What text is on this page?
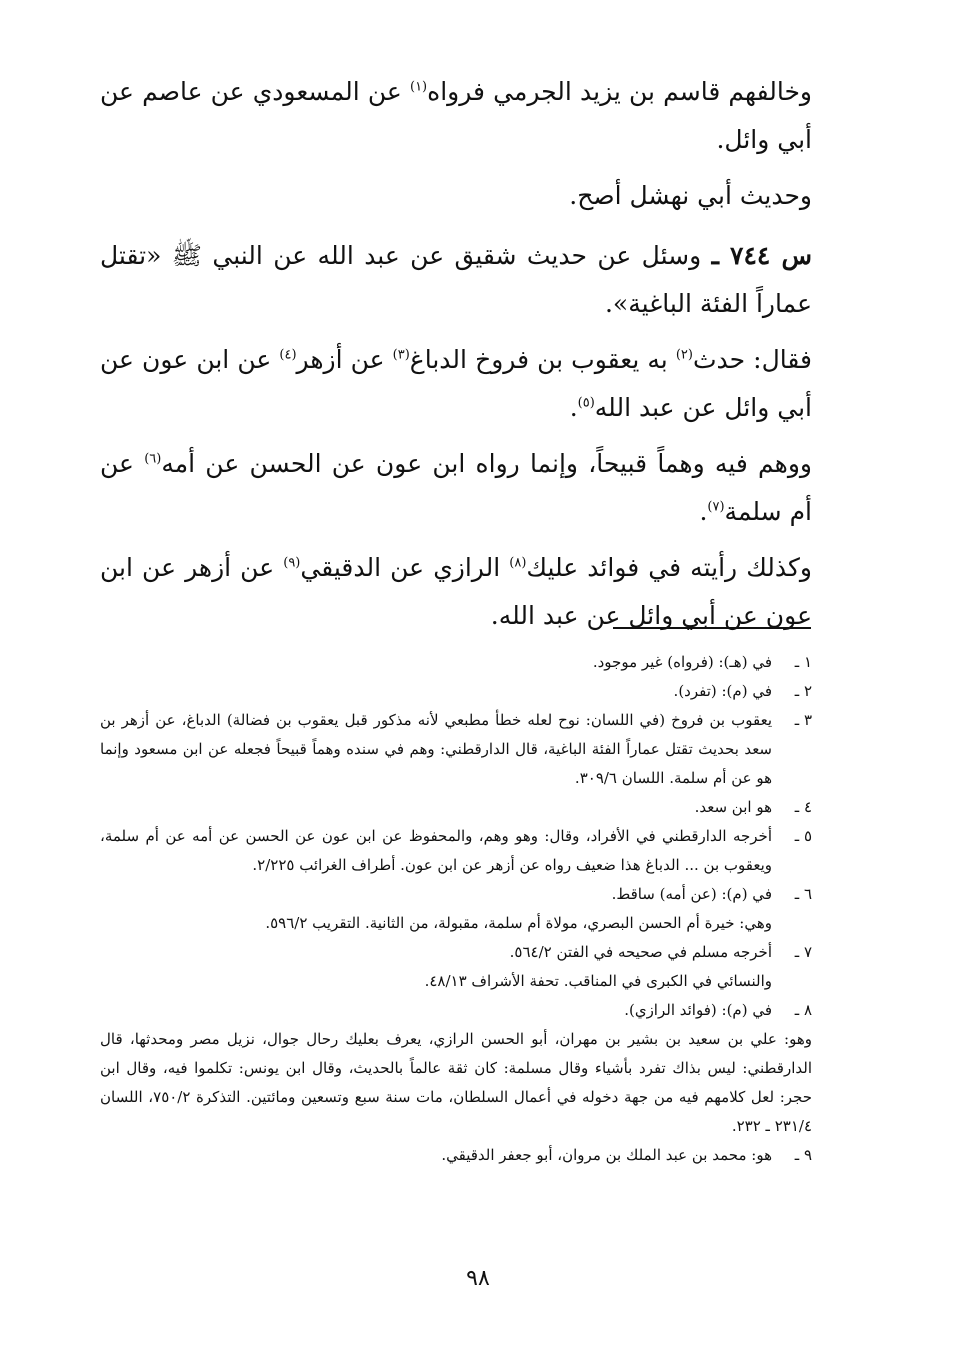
وخالفهم قاسم بن يزيد الجرمي فرواه$^{(١)}$ عن المسعودي عن عاصم عن أبي وائل.

وحديث أبي نهشل أصح.

س ٧٤٤ ـ وسئل عن حديث شقيق عن عبد الله عن النبي ﷺ «تقتل عماراً الفئة الباغية».

فقال: حدث$^{(٢)}$ به يعقوب بن فروخ الدباغ$^{(٣)}$ عن أزهر$^{(٤)}$ عن ابن عون عن أبي وائل عن عبد الله$^{(٥)}$.

ووهم فيه وهماً قبيحاً، وإنما رواه ابن عون عن الحسن عن أمه$^{(٦)}$ عن أم سلمة$^{(٧)}$.

وكذلك رأيته في فوائد عليك$^{(٨)}$ الرازي عن الدقيقي$^{(٩)}$ عن أزهر عن ابن عون عن أبي وائل عن عبد الله.

١ ـ
في (هـ): (فرواه) غير موجود.
٢ ـ
في (م): (تفرد).
٣ ـ
يعقوب بن فروخ (في اللسان: نوح لعله خطأ مطبعي لأنه مذكور قبل يعقوب بن فضالة) الدباغ، عن أزهر بن سعد بحديث تقتل عماراً الفئة الباغية، قال الدارقطني: وهم في سنده وهماً قبيحاً فجعله عن ابن مسعود وإنما هو عن أم سلمة. اللسان ٣٠٩/٦.
٤ ـ
هو ابن سعد.
٥ ـ
أخرجه الدارقطني في الأفراد، وقال: وهو وهم، والمحفوظ عن ابن عون عن الحسن عن أمه عن أم سلمة، ويعقوب بن ... الدباغ هذا ضعيف رواه عن أزهر عن ابن عون. أطراف الغرائب ٢/٢٢٥.
٦ ـ
في (م): (عن أمه) ساقط.
وهي: خيرة أم الحسن البصري، مولاة أم سلمة، مقبولة، من الثانية. التقريب ٥٩٦/٢.
٧ ـ
أخرجه مسلم في صحيحه في الفتن ٥٦٤/٢.
والنسائي في الكبرى في المناقب. تحفة الأشراف ٤٨/١٣.
٨ ـ
في (م): (فوائد الرازي).
وهو: علي بن سعيد بن بشير بن مهران، أبو الحسن الرازي، يعرف بعليك رحال جوال، نزيل مصر ومحدثها، قال الدارقطني: ليس بذاك تفرد بأشياء وقال مسلمة: كان ثقة عالماً بالحديث، وقال ابن يونس: تكلموا فيه، وقال ابن حجر: لعل كلامهم فيه من جهة دخوله في أعمال السلطان، مات سنة سبع وتسعين ومائتين. التذكرة ٧٥٠/٢، اللسان ٢٣١/٤ ـ ٢٣٢.
٩ ـ
هو: محمد بن عبد الملك بن مروان، أبو جعفر الدقيقي.
٩٨
